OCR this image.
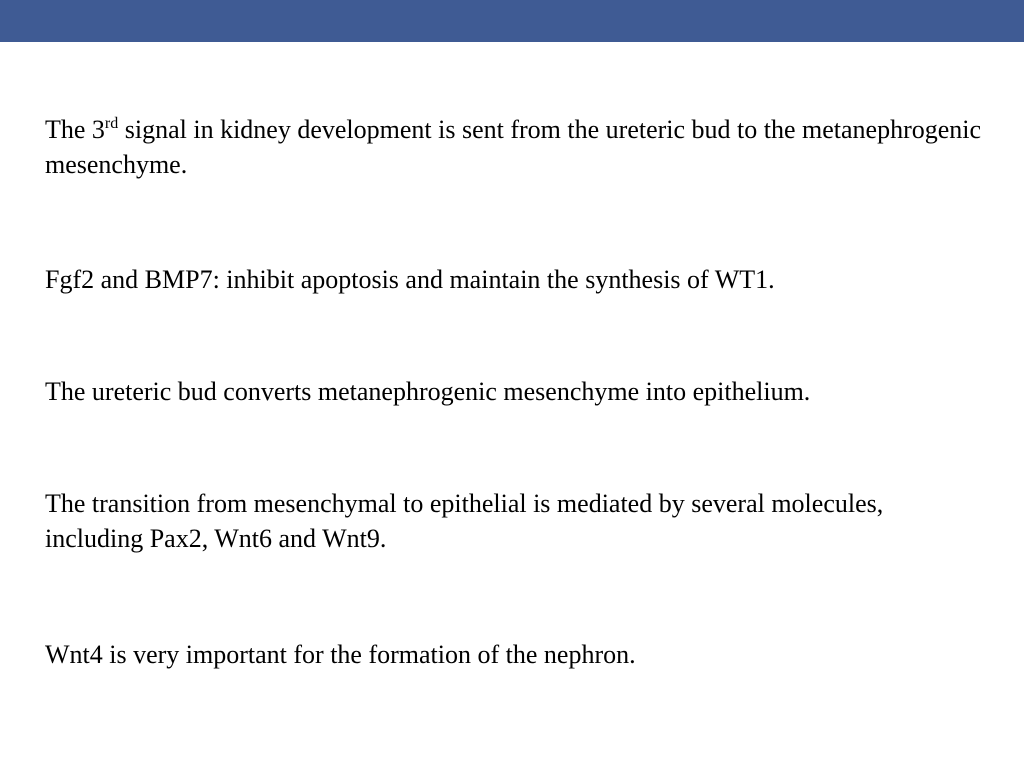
The 3rd signal in kidney development is sent from the ureteric bud to the metanephrogenic mesenchyme.

Fgf2 and BMP7: inhibit apoptosis and maintain the synthesis of WT1.

The ureteric bud converts metanephrogenic mesenchyme into epithelium.

The transition from mesenchymal to epithelial is mediated by several molecules, including Pax2, Wnt6 and Wnt9.

Wnt4 is very important for the formation of the nephron.
